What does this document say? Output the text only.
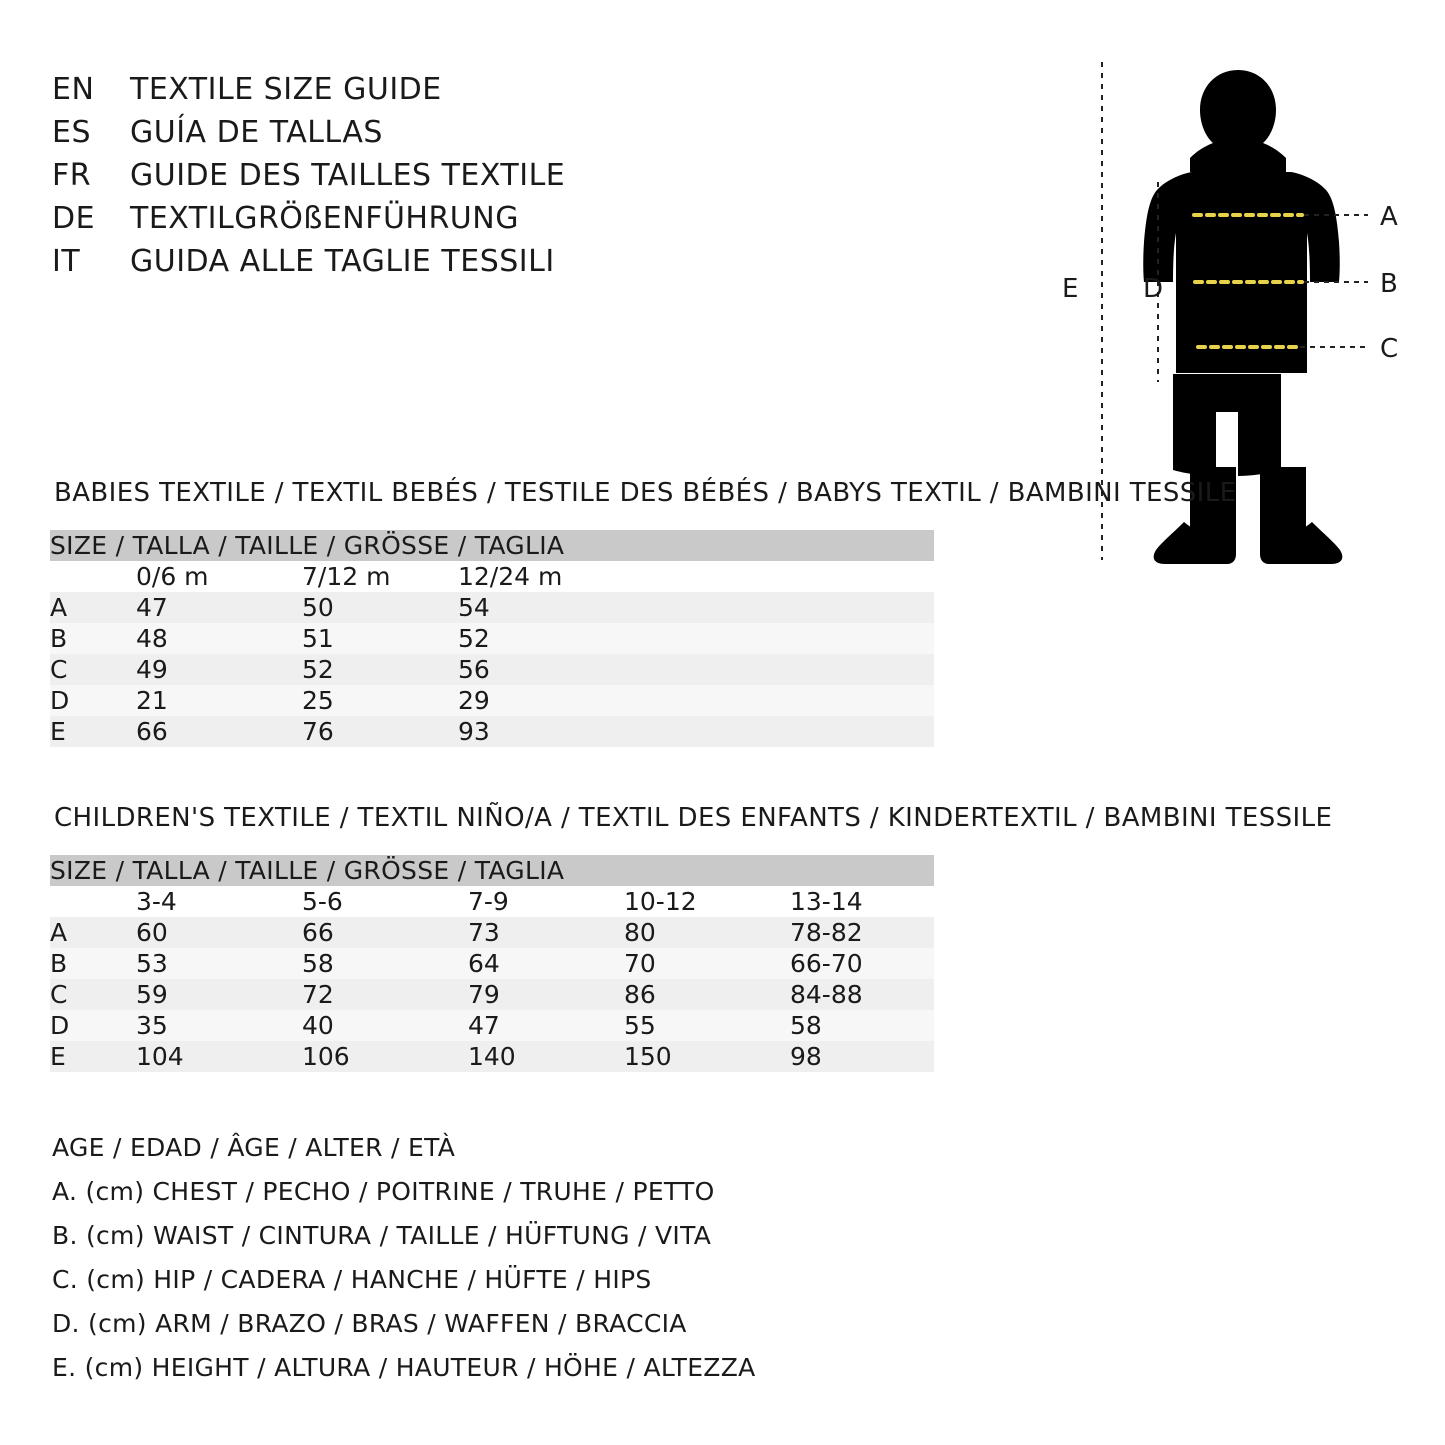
EN	TEXTILE SIZE GUIDE
ES	GUÍA DE TALLAS
FR	GUIDE DES TAILLES TEXTILE
DE	TEXTILGRÖßENFÜHRUNG
IT	GUIDA ALLE TAGLIE TESSILI
A
B
C
D
E
BABIES TEXTILE / TEXTIL BEBÉS / TESTILE DES BÉBÉS / BABYS TEXTIL / BAMBINI TESSILE
SIZE / TALLA / TAILLE / GRÖSSE / TAGLIA			
	0/6 m	7/12 m	12/24 m
A	47	50	54
B	48	51	52
C	49	52	56
D	21	25	29
E	66	76	93
CHILDREN'S TEXTILE / TEXTIL NIÑO/A / TEXTIL DES ENFANTS / KINDERTEXTIL / BAMBINI TESSILE
SIZE / TALLA / TAILLE / GRÖSSE / TAGLIA					
	3-4	5-6	7-9	10-12	13-14
A	60	66	73	80	78-82
B	53	58	64	70	66-70
C	59	72	79	86	84-88
D	35	40	47	55	58
E	104	106	140	150	98
AGE / EDAD / ÂGE / ALTER / ETÀ
A. (cm) CHEST / PECHO / POITRINE / TRUHE / PETTO
B. (cm) WAIST / CINTURA / TAILLE / HÜFTUNG / VITA
C. (cm) HIP / CADERA / HANCHE / HÜFTE / HIPS
D. (cm) ARM / BRAZO / BRAS / WAFFEN / BRACCIA
E. (cm) HEIGHT / ALTURA / HAUTEUR / HÖHE / ALTEZZA
